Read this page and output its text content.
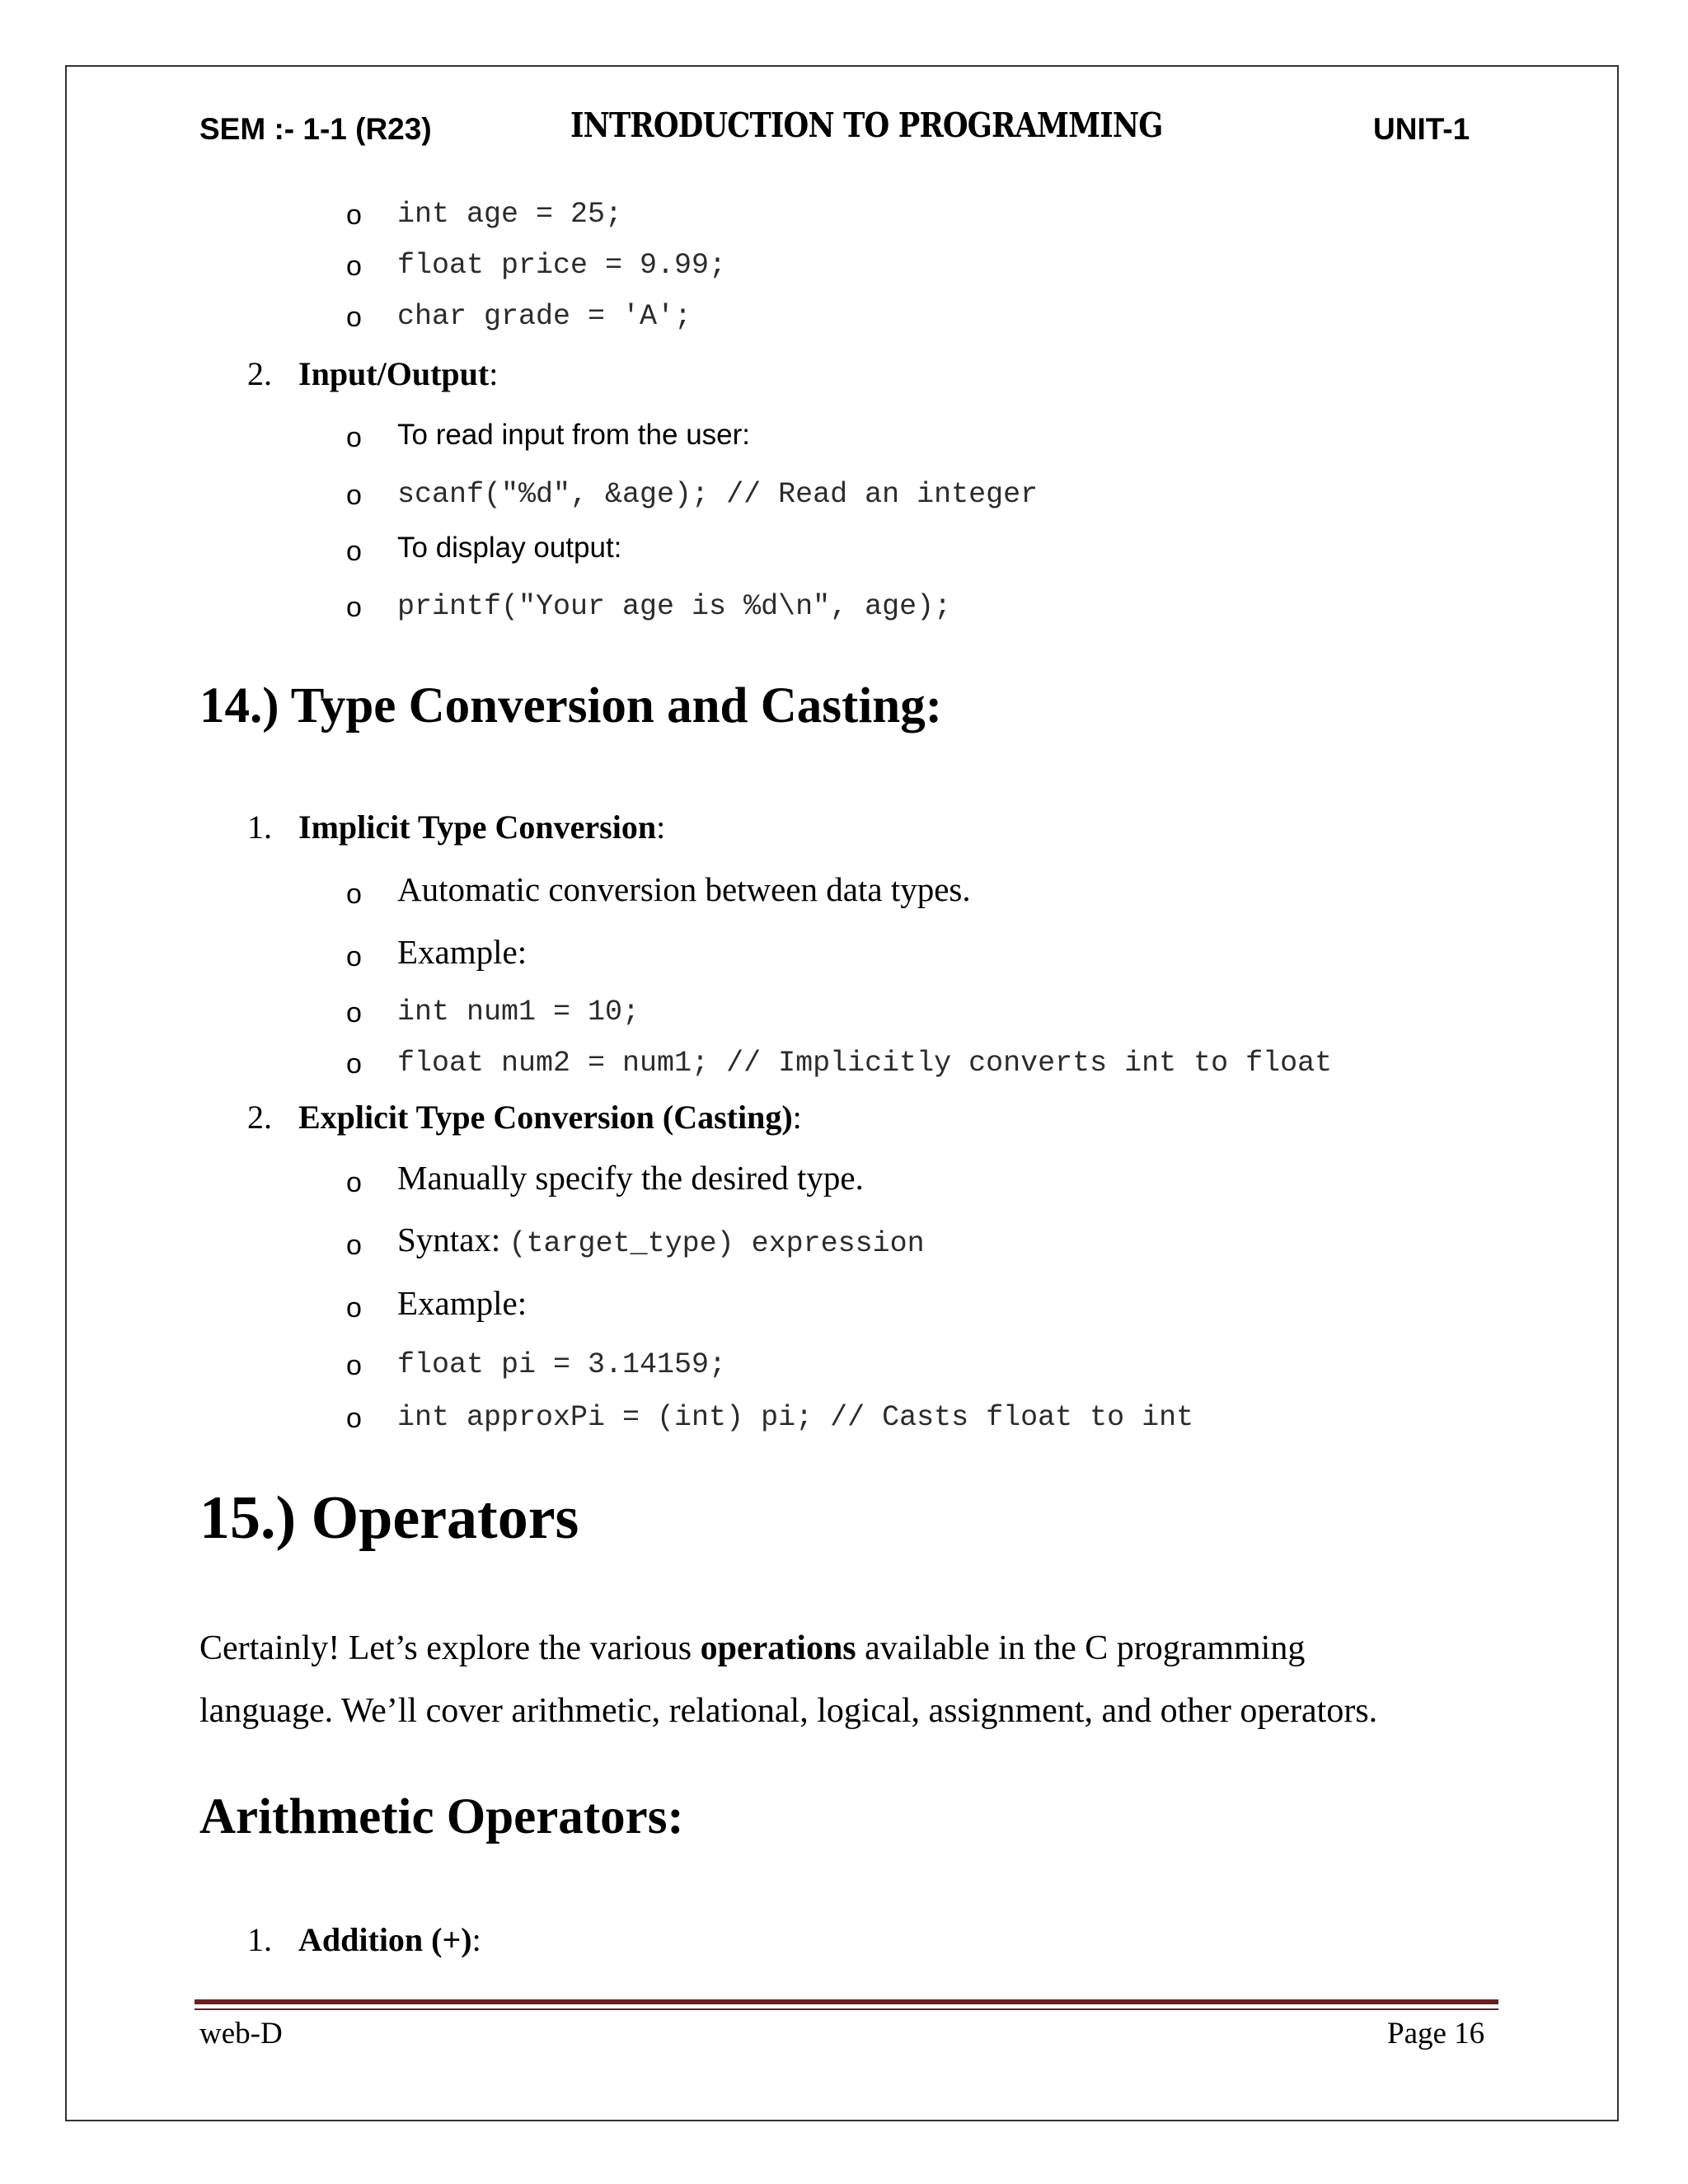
SEM :- 1-1 (R23)	INTRODUCTION TO PROGRAMMING	UNIT-1
o int age = 25;
o float price = 9.99;
o char grade = 'A';
2. Input/Output:
o To read input from the user:
o scanf("%d", &age); // Read an integer
o To display output:
o printf("Your age is %d\n", age);
14.) Type Conversion and Casting:
1. Implicit Type Conversion:
o Automatic conversion between data types.
o Example:
o int num1 = 10;
o float num2 = num1; // Implicitly converts int to float
2. Explicit Type Conversion (Casting):
o Manually specify the desired type.
o Syntax: (target_type) expression
o Example:
o float pi = 3.14159;
o int approxPi = (int) pi; // Casts float to int
15.) Operators
Certainly! Let’s explore the various operations available in the C programming
language. We’ll cover arithmetic, relational, logical, assignment, and other operators.
Arithmetic Operators:
1. Addition (+):
web-D	Page 16
